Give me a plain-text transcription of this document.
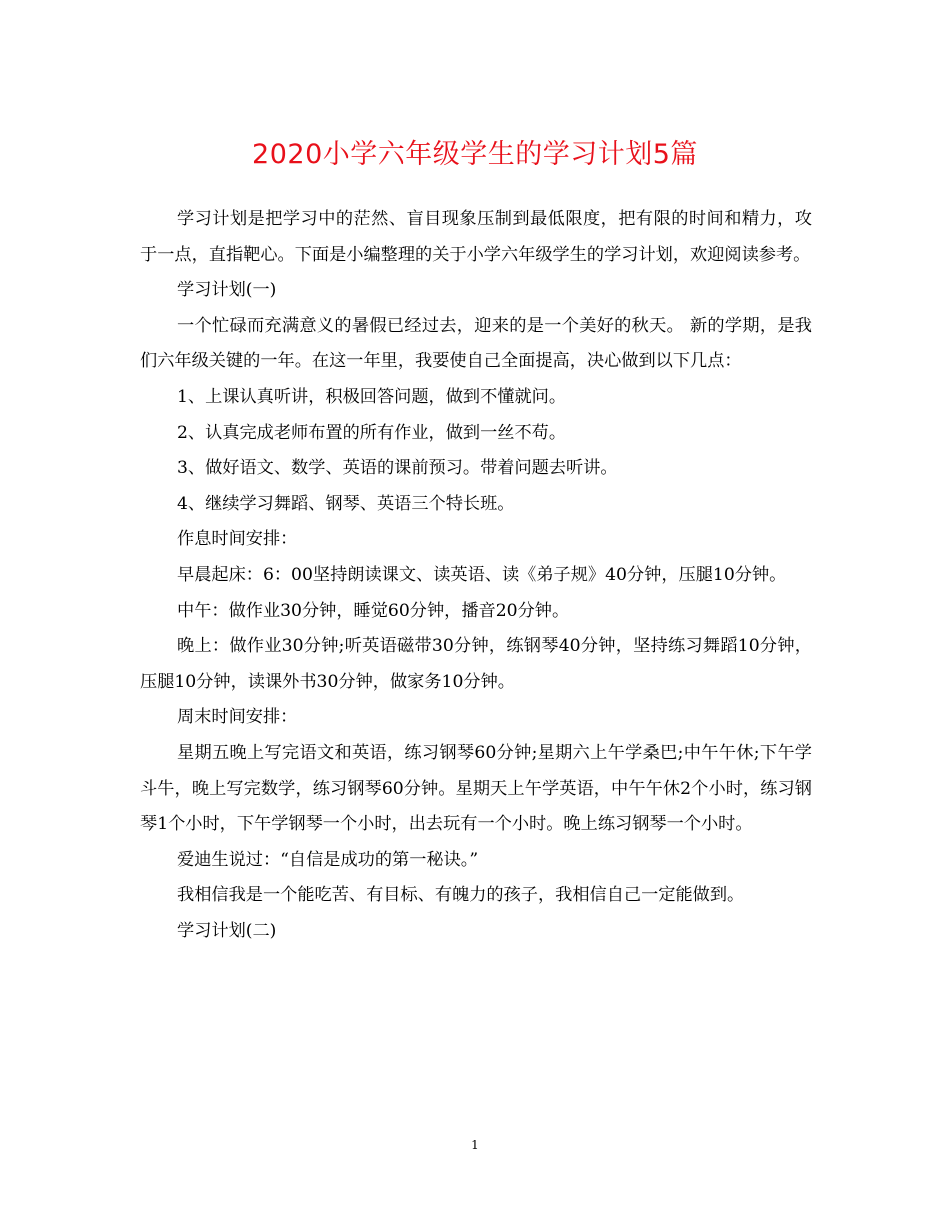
2020小学六年级学生的学习计划5篇

学习计划是把学习中的茫然、盲目现象压制到最低限度，把有限的时间和精力，攻于一点，直指靶心。下面是小编整理的关于小学六年级学生的学习计划，欢迎阅读参考。

学习计划(一)

一个忙碌而充满意义的暑假已经过去，迎来的是一个美好的秋天。 新的学期，是我们六年级关键的一年。在这一年里，我要使自己全面提高，决心做到以下几点：

1、上课认真听讲，积极回答问题，做到不懂就问。

2、认真完成老师布置的所有作业，做到一丝不苟。

3、做好语文、数学、英语的课前预习。带着问题去听讲。

4、继续学习舞蹈、钢琴、英语三个特长班。

作息时间安排：

早晨起床：6：00坚持朗读课文、读英语、读《弟子规》40分钟，压腿10分钟。

中午：做作业30分钟，睡觉60分钟，播音20分钟。

晚上：做作业30分钟;听英语磁带30分钟，练钢琴40分钟，坚持练习舞蹈10分钟，压腿10分钟，读课外书30分钟，做家务10分钟。

周末时间安排：

星期五晚上写完语文和英语，练习钢琴60分钟;星期六上午学桑巴;中午午休;下午学斗牛，晚上写完数学，练习钢琴60分钟。星期天上午学英语，中午午休2个小时，练习钢琴1个小时，下午学钢琴一个小时，出去玩有一个小时。晚上练习钢琴一个小时。

爱迪生说过：“自信是成功的第一秘诀。”

我相信我是一个能吃苦、有目标、有魄力的孩子，我相信自己一定能做到。

学习计划(二)

1
